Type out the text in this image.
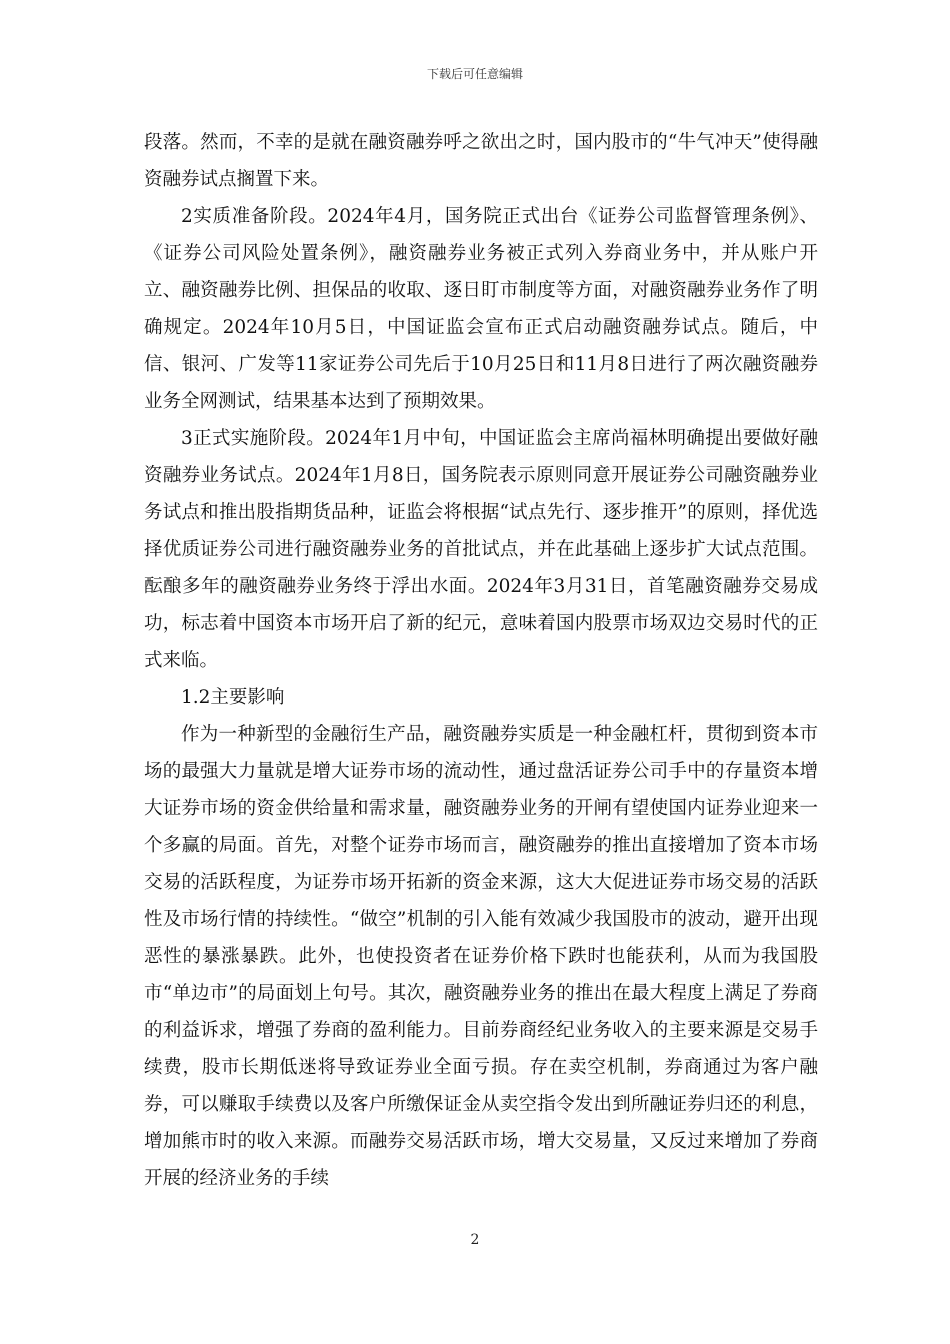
下载后可任意编辑

段落。然而，不幸的是就在融资融券呼之欲出之时，国内股市的“牛气冲天”使得融资融券试点搁置下来。

2实质准备阶段。2024年4月，国务院正式出台《证券公司监督管理条例》、《证券公司风险处置条例》，融资融券业务被正式列入券商业务中，并从账户开立、融资融券比例、担保品的收取、逐日盯市制度等方面，对融资融券业务作了明确规定。2024年10月5日，中国证监会宣布正式启动融资融券试点。随后，中信、银河、广发等11家证券公司先后于10月25日和11月8日进行了两次融资融券业务全网测试，结果基本达到了预期效果。

3正式实施阶段。2024年1月中旬，中国证监会主席尚福林明确提出要做好融资融券业务试点。2024年1月8日，国务院表示原则同意开展证券公司融资融券业务试点和推出股指期货品种，证监会将根据“试点先行、逐步推开”的原则，择优选择优质证券公司进行融资融券业务的首批试点，并在此基础上逐步扩大试点范围。酝酿多年的融资融券业务终于浮出水面。2024年3月31日，首笔融资融券交易成功，标志着中国资本市场开启了新的纪元，意味着国内股票市场双边交易时代的正式来临。

1.2主要影响

作为一种新型的金融衍生产品，融资融券实质是一种金融杠杆，贯彻到资本市场的最强大力量就是增大证券市场的流动性，通过盘活证券公司手中的存量资本增大证券市场的资金供给量和需求量，融资融券业务的开闸有望使国内证券业迎来一个多赢的局面。首先，对整个证券市场而言，融资融券的推出直接增加了资本市场交易的活跃程度，为证券市场开拓新的资金来源，这大大促进证券市场交易的活跃性及市场行情的持续性。“做空”机制的引入能有效减少我国股市的波动，避开出现恶性的暴涨暴跌。此外，也使投资者在证券价格下跌时也能获利，从而为我国股市“单边市”的局面划上句号。其次，融资融券业务的推出在最大程度上满足了券商的利益诉求，增强了券商的盈利能力。目前券商经纪业务收入的主要来源是交易手续费，股市长期低迷将导致证券业全面亏损。存在卖空机制，券商通过为客户融券，可以赚取手续费以及客户所缴保证金从卖空指令发出到所融证券归还的利息，增加熊市时的收入来源。而融券交易活跃市场，增大交易量，又反过来增加了券商开展的经济业务的手续

2
